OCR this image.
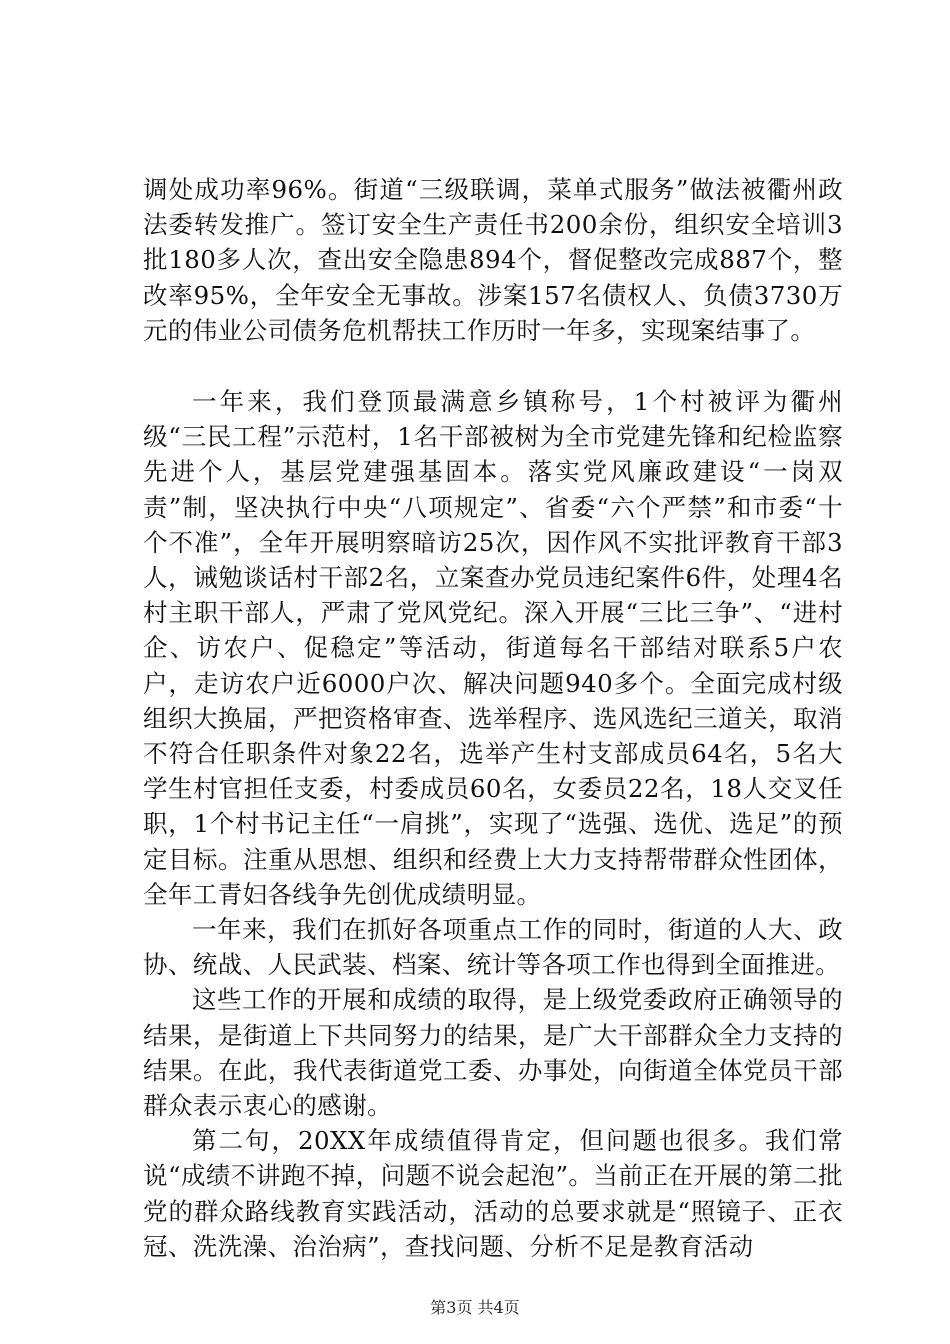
调处成功率96%。街道“三级联调，菜单式服务”做法被衢州政法委转发推广。签订安全生产责任书200余份，组织安全培训3批180多人次，查出安全隐患894个，督促整改完成887个，整改率95%，全年安全无事故。涉案157名债权人、负债3730万元的伟业公司债务危机帮扶工作历时一年多，实现案结事了。

一年来，我们登顶最满意乡镇称号，1个村被评为衢州级“三民工程”示范村，1名干部被树为全市党建先锋和纪检监察先进个人，基层党建强基固本。落实党风廉政建设“一岗双责”制，坚决执行中央“八项规定”、省委“六个严禁”和市委“十个不准”，全年开展明察暗访25次，因作风不实批评教育干部3人，诫勉谈话村干部2名，立案查办党员违纪案件6件，处理4名村主职干部人，严肃了党风党纪。深入开展“三比三争”、“进村企、访农户、促稳定”等活动，街道每名干部结对联系5户农户，走访农户近6000户次、解决问题940多个。全面完成村级组织大换届，严把资格审查、选举程序、选风选纪三道关，取消不符合任职条件对象22名，选举产生村支部成员64名，5名大学生村官担任支委，村委成员60名，女委员22名，18人交叉任职，1个村书记主任“一肩挑”，实现了“选强、选优、选足”的预定目标。注重从思想、组织和经费上大力支持帮带群众性团体，全年工青妇各线争先创优成绩明显。

一年来，我们在抓好各项重点工作的同时，街道的人大、政协、统战、人民武装、档案、统计等各项工作也得到全面推进。

这些工作的开展和成绩的取得，是上级党委政府正确领导的结果，是街道上下共同努力的结果，是广大干部群众全力支持的结果。在此，我代表街道党工委、办事处，向街道全体党员干部群众表示衷心的感谢。

第二句，20XX年成绩值得肯定，但问题也很多。我们常说“成绩不讲跑不掉，问题不说会起泡”。当前正在开展的第二批党的群众路线教育实践活动，活动的总要求就是“照镜子、正衣冠、洗洗澡、治治病”，查找问题、分析不足是教育活动

第3页 共4页
